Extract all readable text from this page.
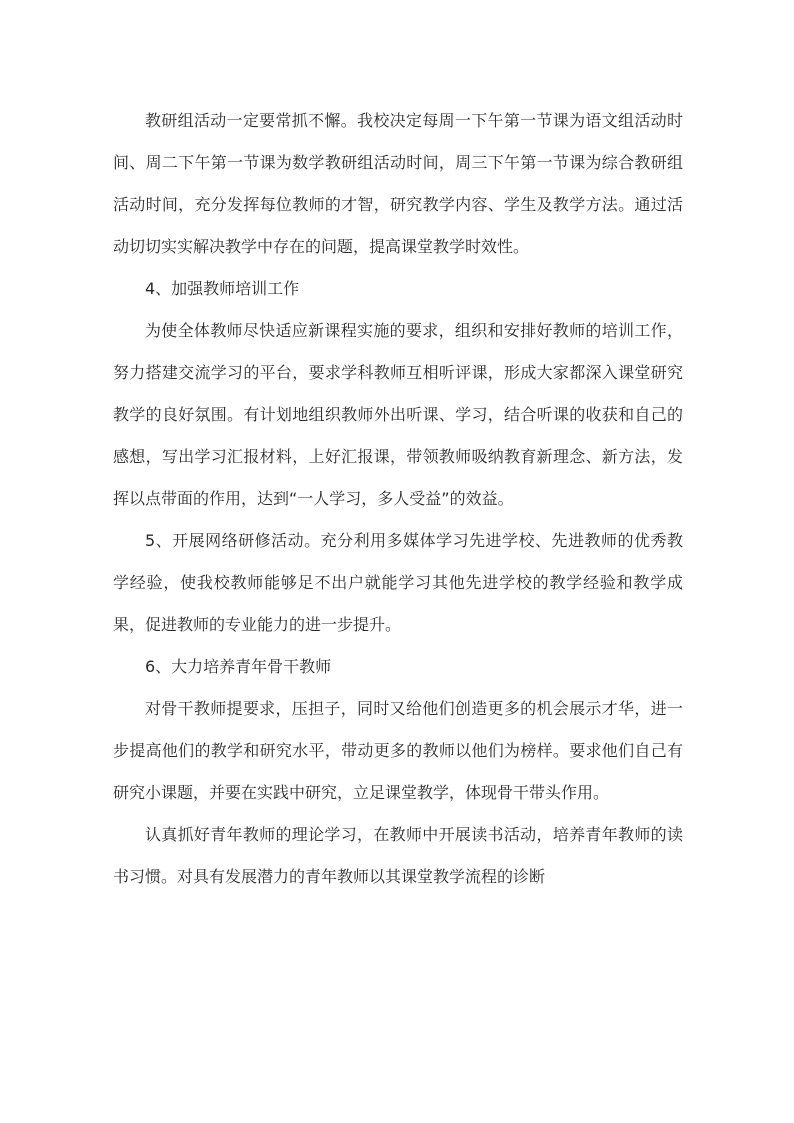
教研组活动一定要常抓不懈。我校决定每周一下午第一节课为语文组活动时间、周二下午第一节课为数学教研组活动时间，周三下午第一节课为综合教研组活动时间，充分发挥每位教师的才智，研究教学内容、学生及教学方法。通过活动切切实实解决教学中存在的问题，提高课堂教学时效性。

4、加强教师培训工作

为使全体教师尽快适应新课程实施的要求，组织和安排好教师的培训工作，努力搭建交流学习的平台，要求学科教师互相听评课，形成大家都深入课堂研究教学的良好氛围。有计划地组织教师外出听课、学习，结合听课的收获和自己的感想，写出学习汇报材料，上好汇报课，带领教师吸纳教育新理念、新方法，发挥以点带面的作用，达到“一人学习，多人受益”的效益。

5、开展网络研修活动。充分利用多媒体学习先进学校、先进教师的优秀教学经验，使我校教师能够足不出户就能学习其他先进学校的教学经验和教学成果，促进教师的专业能力的进一步提升。

6、大力培养青年骨干教师

对骨干教师提要求，压担子，同时又给他们创造更多的机会展示才华，进一步提高他们的教学和研究水平，带动更多的教师以他们为榜样。要求他们自己有研究小课题，并要在实践中研究，立足课堂教学，体现骨干带头作用。

认真抓好青年教师的理论学习，在教师中开展读书活动，培养青年教师的读书习惯。对具有发展潜力的青年教师以其课堂教学流程的诊断
